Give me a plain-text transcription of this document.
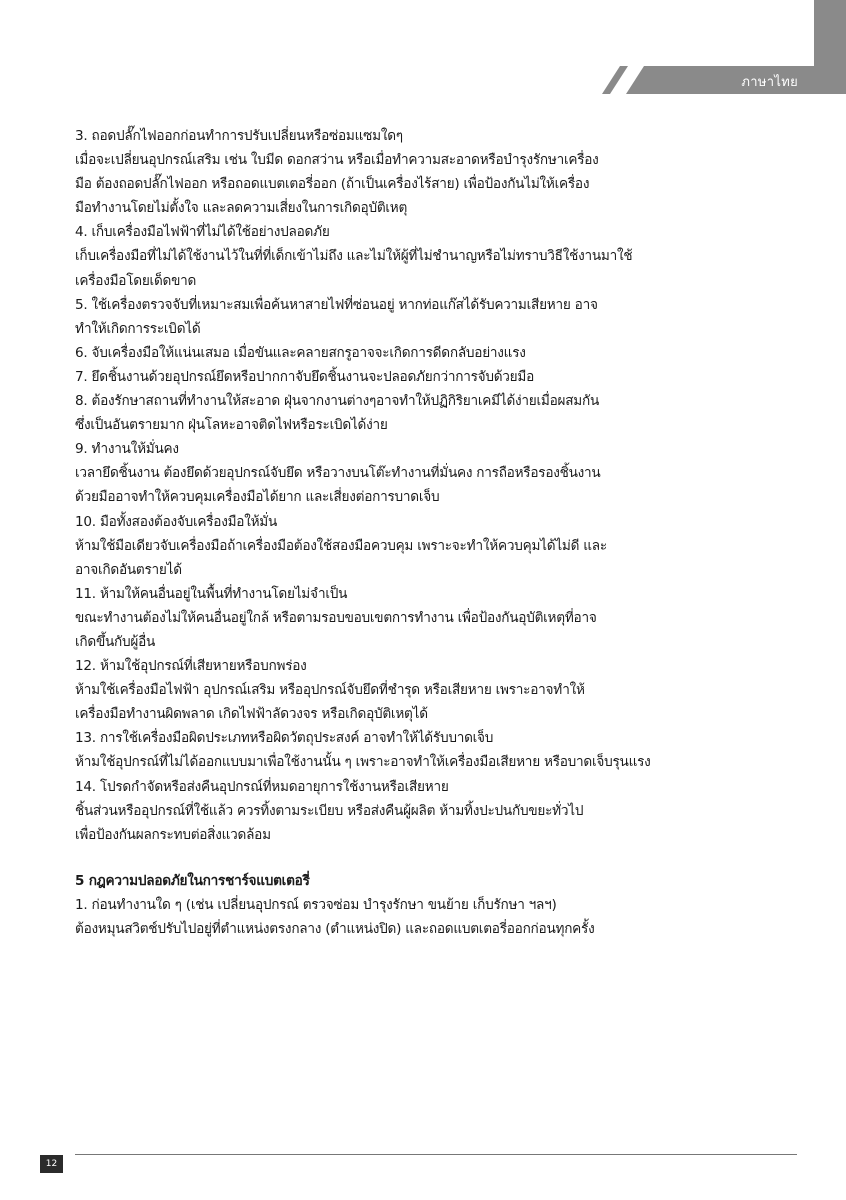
ภาษาไทย
3. ถอดปลั๊กไฟออกก่อนทำการปรับเปลี่ยนหรือซ่อมแซมใดๆ
เมื่อจะเปลี่ยนอุปกรณ์เสริม เช่น ใบมีด ดอกสว่าน หรือเมื่อทำความสะอาดหรือบำรุงรักษาเครื่อง
มือ ต้องถอดปลั๊กไฟออก หรือถอดแบตเตอรี่ออก (ถ้าเป็นเครื่องไร้สาย) เพื่อป้องกันไม่ให้เครื่อง
มือทำงานโดยไม่ตั้งใจ และลดความเสี่ยงในการเกิดอุบัติเหตุ
4. เก็บเครื่องมือไฟฟ้าที่ไม่ได้ใช้อย่างปลอดภัย
เก็บเครื่องมือที่ไม่ได้ใช้งานไว้ในที่ที่เด็กเข้าไม่ถึง และไม่ให้ผู้ที่ไม่ชำนาญหรือไม่ทราบวิธีใช้งานมาใช้
เครื่องมือโดยเด็ดขาด
5. ใช้เครื่องตรวจจับที่เหมาะสมเพื่อค้นหาสายไฟที่ซ่อนอยู่ หากท่อแก๊สได้รับความเสียหาย อาจ
ทำให้เกิดการระเบิดได้
6. จับเครื่องมือให้แน่นเสมอ เมื่อขันและคลายสกรูอาจจะเกิดการดีดกลับอย่างแรง
7. ยึดชิ้นงานด้วยอุปกรณ์ยึดหรือปากกาจับยึดชิ้นงานจะปลอดภัยกว่าการจับด้วยมือ
8. ต้องรักษาสถานที่ทำงานให้สะอาด ฝุ่นจากงานต่างๆอาจทำให้ปฏิกิริยาเคมีได้ง่ายเมื่อผสมกัน
ซึ่งเป็นอันตรายมาก ฝุ่นโลหะอาจติดไฟหรือระเบิดได้ง่าย
9. ทำงานให้มั่นคง
เวลายึดชิ้นงาน ต้องยึดด้วยอุปกรณ์จับยึด หรือวางบนโต๊ะทำงานที่มั่นคง การถือหรือรองชิ้นงาน
ด้วยมืออาจทำให้ควบคุมเครื่องมือได้ยาก และเสี่ยงต่อการบาดเจ็บ
10. มือทั้งสองต้องจับเครื่องมือให้มั่น
ห้ามใช้มือเดียวจับเครื่องมือถ้าเครื่องมือต้องใช้สองมือควบคุม เพราะจะทำให้ควบคุมได้ไม่ดี และ
อาจเกิดอันตรายได้
11. ห้ามให้คนอื่นอยู่ในพื้นที่ทำงานโดยไม่จำเป็น
ขณะทำงานต้องไม่ให้คนอื่นอยู่ใกล้ หรือตามรอบขอบเขตการทำงาน เพื่อป้องกันอุบัติเหตุที่อาจ
เกิดขึ้นกับผู้อื่น
12. ห้ามใช้อุปกรณ์ที่เสียหายหรือบกพร่อง
ห้ามใช้เครื่องมือไฟฟ้า อุปกรณ์เสริม หรืออุปกรณ์จับยึดที่ชำรุด หรือเสียหาย เพราะอาจทำให้
เครื่องมือทำงานผิดพลาด เกิดไฟฟ้าลัดวงจร หรือเกิดอุบัติเหตุได้
13. การใช้เครื่องมือผิดประเภทหรือผิดวัตถุประสงค์ อาจทำให้ได้รับบาดเจ็บ
ห้ามใช้อุปกรณ์ที่ไม่ได้ออกแบบมาเพื่อใช้งานนั้น ๆ เพราะอาจทำให้เครื่องมือเสียหาย หรือบาดเจ็บรุนแรง
14. โปรดกำจัดหรือส่งคืนอุปกรณ์ที่หมดอายุการใช้งานหรือเสียหาย
ชิ้นส่วนหรืออุปกรณ์ที่ใช้แล้ว ควรทิ้งตามระเบียบ หรือส่งคืนผู้ผลิต ห้ามทิ้งปะปนกับขยะทั่วไป
เพื่อป้องกันผลกระทบต่อสิ่งแวดล้อม
5 กฎความปลอดภัยในการชาร์จแบตเตอรี่
1. ก่อนทำงานใด ๆ (เช่น เปลี่ยนอุปกรณ์ ตรวจซ่อม บำรุงรักษา ขนย้าย เก็บรักษา ฯลฯ)
ต้องหมุนสวิตช์ปรับไปอยู่ที่ตำแหน่งตรงกลาง (ตำแหน่งปิด) และถอดแบตเตอรี่ออกก่อนทุกครั้ง
12
